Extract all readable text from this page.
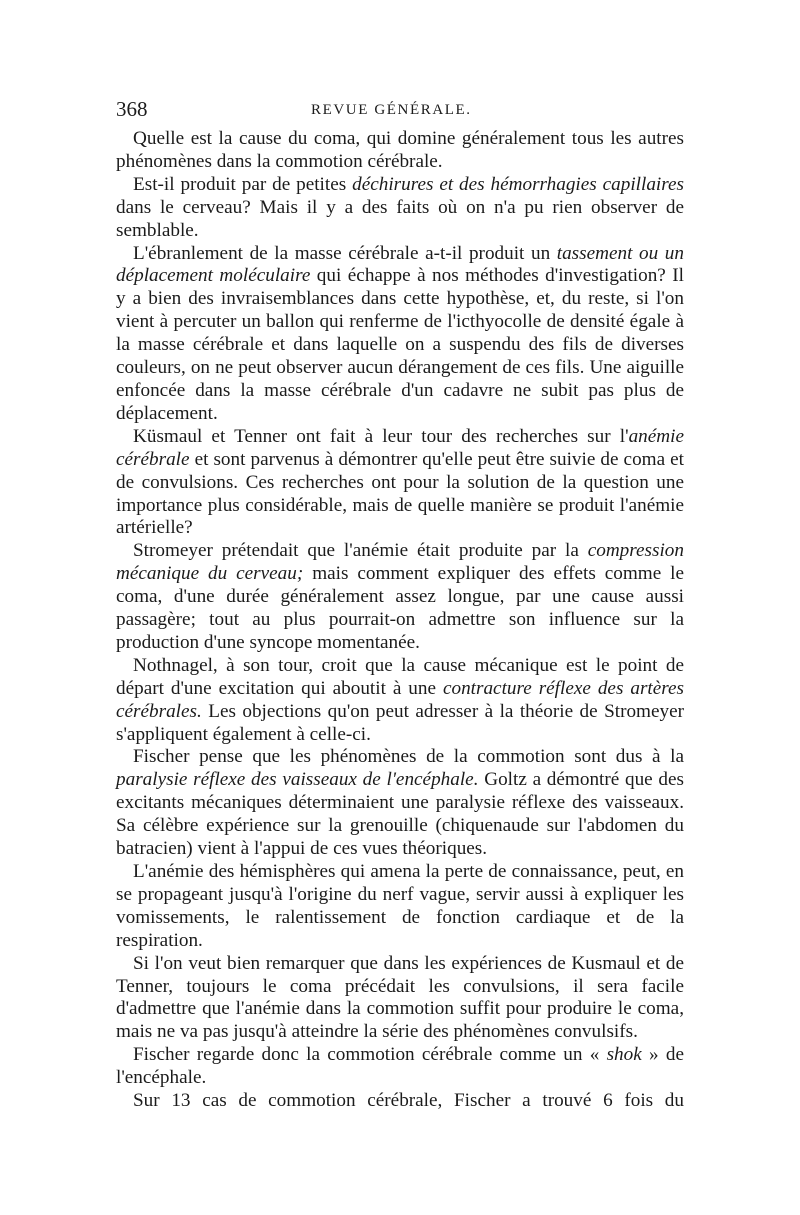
368	REVUE GÉNÉRALE.

Quelle est la cause du coma, qui domine généralement tous les autres phénomènes dans la commotion cérébrale.

Est-il produit par de petites déchirures et des hémorrhagies capillaires dans le cerveau? Mais il y a des faits où on n'a pu rien observer de semblable.

L'ébranlement de la masse cérébrale a-t-il produit un tassement ou un déplacement moléculaire qui échappe à nos méthodes d'investigation? Il y a bien des invraisemblances dans cette hypothèse, et, du reste, si l'on vient à percuter un ballon qui renferme de l'icthyocolle de densité égale à la masse cérébrale et dans laquelle on a suspendu des fils de diverses couleurs, on ne peut observer aucun dérangement de ces fils. Une aiguille enfoncée dans la masse cérébrale d'un cadavre ne subit pas plus de déplacement.

Küsmaul et Tenner ont fait à leur tour des recherches sur l'anémie cérébrale et sont parvenus à démontrer qu'elle peut être suivie de coma et de convulsions. Ces recherches ont pour la solution de la question une importance plus considérable, mais de quelle manière se produit l'anémie artérielle?

Stromeyer prétendait que l'anémie était produite par la compression mécanique du cerveau; mais comment expliquer des effets comme le coma, d'une durée généralement assez longue, par une cause aussi passagère; tout au plus pourrait-on admettre son influence sur la production d'une syncope momentanée.

Nothnagel, à son tour, croit que la cause mécanique est le point de départ d'une excitation qui aboutit à une contracture réflexe des artères cérébrales. Les objections qu'on peut adresser à la théorie de Stromeyer s'appliquent également à celle-ci.

Fischer pense que les phénomènes de la commotion sont dus à la paralysie réflexe des vaisseaux de l'encéphale. Goltz a démontré que des excitants mécaniques déterminaient une paralysie réflexe des vaisseaux. Sa célèbre expérience sur la grenouille (chiquenaude sur l'abdomen du batracien) vient à l'appui de ces vues théoriques.

L'anémie des hémisphères qui amena la perte de connaissance, peut, en se propageant jusqu'à l'origine du nerf vague, servir aussi à expliquer les vomissements, le ralentissement de fonction cardiaque et de la respiration.

Si l'on veut bien remarquer que dans les expériences de Kusmaul et de Tenner, toujours le coma précédait les convulsions, il sera facile d'admettre que l'anémie dans la commotion suffit pour produire le coma, mais ne va pas jusqu'à atteindre la série des phénomènes convulsifs.

Fischer regarde donc la commotion cérébrale comme un « shok » de l'encéphale.

Sur 13 cas de commotion cérébrale, Fischer a trouvé 6 fois du
